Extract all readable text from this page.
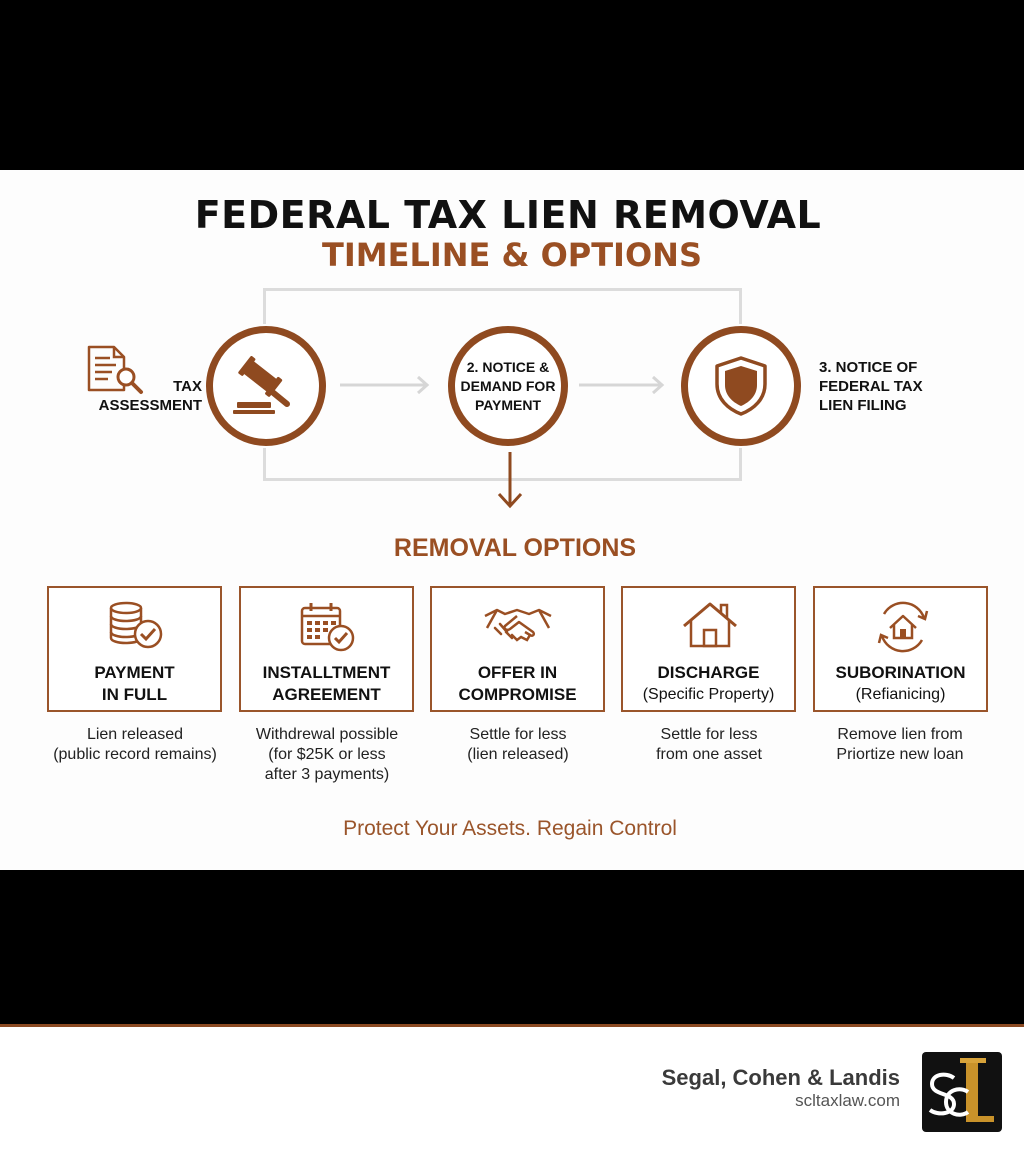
FEDERAL TAX LIEN REMOVAL
TIMELINE & OPTIONS
TAX ASSESSMENT
2. NOTICE & DEMAND FOR PAYMENT
3. NOTICE OF FEDERAL TAX LIEN FILING
REMOVAL OPTIONS
PAYMENT
IN FULL
Lien released
(public record remains)
INSTALLTMENT
AGREEMENT
Withdrewal possible
(for $25K or less
after 3 payments)
OFFER IN
COMPROMISE
Settle for less
(lien released)
DISCHARGE
(Specific Property)
Settle for less
from one asset
SUBORINATION
(Refianicing)
Remove lien from
Priortize new loan
Protect Your Assets. Regain Control
Segal, Cohen & Landis
scltaxlaw.com
